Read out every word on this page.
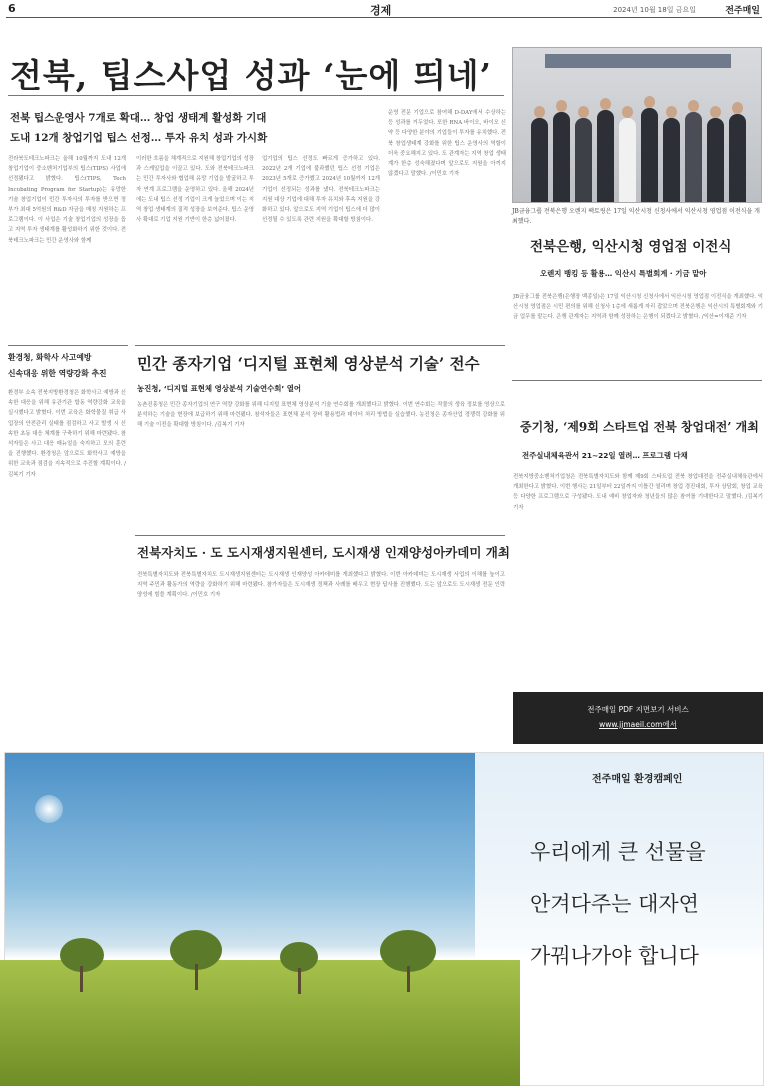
6	경제	2024년 10월 18일 금요일	전주매일
전북, 팁스사업 성과 ‘눈에 띄네’
전북 팁스운영사 7개로 확대… 창업 생태계 활성화 기대
도내 12개 창업기업 팁스 선정… 투자 유치 성과 가시화
전라북도테크노파크는 올해 10월까지 도내 12개 창업기업이 중소벤처기업부의 팁스(TIPS) 사업에 선정됐다고 밝혔다. 팁스(TIPS, Tech Incubating Program for Startup)는 유망한 기술 창업기업이 민간 투자사의 투자를 받으면 정부가 최대 5억원의 R&D 자금을 매칭 지원하는 프로그램이다. 이 사업은 기술 창업기업의 성장을 돕고 지역 투자 생태계를 활성화하기 위한 것이다. 전북테크노파크는 민간 운영사와 함께
이러한 흐름을 체계적으로 지원해 창업기업의 성장과 스케일업을 이끌고 있다. 도와 전북테크노파크는 민간 투자사와 협업해 유망 기업을 발굴하고 투자 연계 프로그램을 운영하고 있다. 올해 2024년에는 도내 팁스 선정 기업이 크게 늘었으며 이는 지역 창업 생태계의 질적 성장을 보여준다. 팁스 운영사 확대로 기업 지원 기반이 한층 넓어졌다.
업기업의 팁스 선정도 빠르게 증가하고 있다. 2022년 2개 기업에 불과했던 팁스 선정 기업은 2023년 5개로 증가했고 2024년 10월까지 12개 기업이 선정되는 성과를 냈다. 전북테크노파크는 지원 대상 기업에 대해 투자 유치와 후속 지원을 강화하고 있다. 앞으로도 지역 기업이 팁스에 더 많이 선정될 수 있도록 관련 지원을 확대할 방침이다.
운영 전문 기업으로 참여해 D-DAY에서 수상하는 등 성과를 거두었다. 또한 RNA 바이오, 바이오 신약 등 다양한 분야의 기업들이 투자를 유치했다. 전북 창업생태계 강화를 위한 팁스 운영사의 역할이 더욱 중요해지고 있다. 도 관계자는 지역 창업 생태계가 한층 성숙해졌다며 앞으로도 지원을 아끼지 않겠다고 말했다. /이민호 기자
JB금융그룹 전북은행 오렌지 팩토링은 17일 익산시청 신청사에서 익산시청 영업점 이전식을 개최했다.
전북은행, 익산시청 영업점 이전식
오렌지 뱅킹 등 활용… 익산시 특별회계 · 기금 맡아
JB금융그룹 전북은행(은행장 백종일)은 17일 익산시청 신청사에서 익산시청 영업점 이전식을 개최했다. 익산시청 영업점은 시민 편의를 위해 신청사 1층에 새롭게 자리 잡았으며 전북은행은 익산시의 특별회계와 기금 업무를 맡는다. 은행 관계자는 지역과 함께 성장하는 은행이 되겠다고 밝혔다. /익산=이재준 기자
환경청, 화학사 사고예방
신속대응 위한 역량강화 추진
환경부 소속 전북지방환경청은 화학사고 예방과 신속한 대응을 위해 유관기관 합동 역량강화 교육을 실시했다고 밝혔다. 이번 교육은 화학물질 취급 사업장의 안전관리 실태를 점검하고 사고 발생 시 신속한 초동 대응 체계를 구축하기 위해 마련됐다. 참석자들은 사고 대응 매뉴얼을 숙지하고 모의 훈련을 진행했다. 환경청은 앞으로도 화학사고 예방을 위한 교육과 점검을 지속적으로 추진할 계획이다. /김복기 기자
민간 종자기업 ‘디지털 표현체 영상분석 기술’ 전수
농진청, ‘디지털 표현체 영상분석 기술연수회’ 열어
농촌진흥청은 민간 종자기업의 연구 역량 강화를 위해 디지털 표현체 영상분석 기술 연수회를 개최했다고 밝혔다. 이번 연수회는 작물의 생육 정보를 영상으로 분석하는 기술을 현장에 보급하기 위해 마련됐다. 참석자들은 표현체 분석 장비 활용법과 데이터 처리 방법을 실습했다. 농진청은 종자산업 경쟁력 강화를 위해 기술 이전을 확대할 방침이다. /김복기 기자
전북자치도 · 도 도시재생지원센터, 도시재생 인재양성아카데미 개최
전북특별자치도와 전북특별자치도 도시재생지원센터는 도시재생 인재양성 아카데미를 개최했다고 밝혔다. 이번 아카데미는 도시재생 사업의 이해를 높이고 지역 주민과 활동가의 역량을 강화하기 위해 마련됐다. 참가자들은 도시재생 정책과 사례를 배우고 현장 답사를 진행했다. 도는 앞으로도 도시재생 전문 인력 양성에 힘쓸 계획이다. /이민호 기자
중기청, ‘제9회 스타트업 전북 창업대전’ 개최
전주실내체육관서 21~22일 열려… 프로그램 다채
전북지방중소벤처기업청은 전북특별자치도와 함께 제9회 스타트업 전북 창업대전을 전주실내체육관에서 개최한다고 밝혔다. 이번 행사는 21일부터 22일까지 이틀간 열리며 창업 경진대회, 투자 상담회, 창업 교육 등 다양한 프로그램으로 구성됐다. 도내 예비 창업자와 청년들의 많은 참여를 기대한다고 말했다. /김복기 기자
전주매일 PDF 지면보기 서비스
www.jjmaeil.com에서
전주매일 환경캠페인
우리에게 큰 선물을
안겨다주는 대자연
가꿔나가야 합니다
